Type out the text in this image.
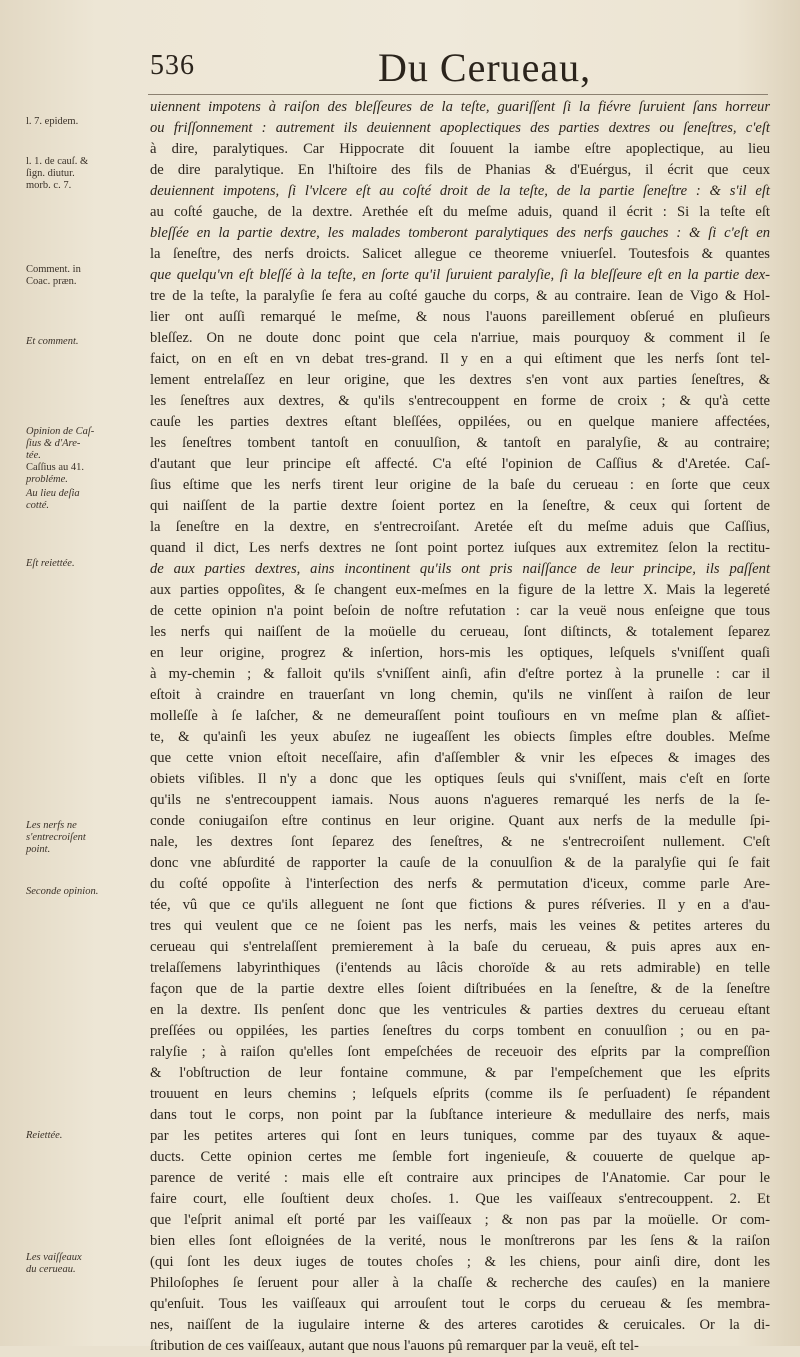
536	Du Cerueau,
l. 7. epidem.
l. 1. de cauſ. &
ſign. diutur.
morb. c. 7.
Comment. in
Coac. præn.
Et comment.
Opinion de Caſ-
ſius & d'Are-
tée.
Caſſius au 41.
probléme.
Au lieu deſia
cotté.
Eſt reiettée.
Les nerfs ne
s'entrecroiſent
point.
Seconde opinion.
Reiettée.
Les vaiſſeaux
du cerueau.
uiennent impotens à raiſon des bleſſeures de la teſte, guariſſent ſi la fiévre ſuruient ſans horreur
ou friſſonnement : autrement ils deuiennent apoplectiques des parties dextres ou ſeneſtres, c'eſt
à dire, paralytiques. Car Hippocrate dit ſouuent la iambe eſtre apoplectique, au lieu
de dire paralytique. En l'hiſtoire des fils de Phanias & d'Euérgus, il écrit que ceux
deuiennent impotens, ſi l'vlcere eſt au coſté droit de la teſte, de la partie ſeneſtre : & s'il eſt
au coſté gauche, de la dextre. Arethée eſt du meſme aduis, quand il écrit : Si la teſte eſt
bleſſée en la partie dextre, les malades tomberont paralytiques des nerfs gauches : & ſi c'eſt en
la ſeneſtre, des nerfs droicts. Salicet allegue ce theoreme vniuerſel. Toutesfois & quantes
que quelqu'vn eſt bleſſé à la teſte, en ſorte qu'il ſuruient paralyſie, ſi la bleſſeure eſt en la partie dex-
tre de la teſte, la paralyſie ſe fera au coſté gauche du corps, & au contraire. Iean de Vigo & Hol-
lier ont auſſi remarqué le meſme, & nous l'auons pareillement obſerué en pluſieurs
bleſſez. On ne doute donc point que cela n'arriue, mais pourquoy & comment il ſe
faict, on en eſt en vn debat tres-grand. Il y en a qui eſtiment que les nerfs ſont tel-
lement entrelaſſez en leur origine, que les dextres s'en vont aux parties ſeneſtres, &
les ſeneſtres aux dextres, & qu'ils s'entrecouppent en forme de croix ; & qu'à cette
cauſe les parties dextres eſtant bleſſées, oppilées, ou en quelque maniere affectées,
les ſeneſtres tombent tantoſt en conuulſion, & tantoſt en paralyſie, & au contraire;
d'autant que leur principe eſt affecté. C'a eſté l'opinion de Caſſius & d'Aretée. Caſ-
ſius eſtime que les nerfs tirent leur origine de la baſe du cerueau : en ſorte que ceux
qui naiſſent de la partie dextre ſoient portez en la ſeneſtre, & ceux qui ſortent de
la ſeneſtre en la dextre, en s'entrecroiſant. Aretée eſt du meſme aduis que Caſſius,
quand il dict, Les nerfs dextres ne ſont point portez iuſques aux extremitez ſelon la rectitu-
de aux parties dextres, ains incontinent qu'ils ont pris naiſſance de leur principe, ils paſſent
aux parties oppoſites, & ſe changent eux-meſmes en la figure de la lettre X. Mais la legereté
de cette opinion n'a point beſoin de noſtre refutation : car la veuë nous enſeigne que tous
les nerfs qui naiſſent de la moüelle du cerueau, ſont diſtincts, & totalement ſeparez
en leur origine, progrez & inſertion, hors-mis les optiques, leſquels s'vniſſent quaſi
à my-chemin ; & falloit qu'ils s'vniſſent ainſi, afin d'eſtre portez à la prunelle : car il
eſtoit à craindre en trauerſant vn long chemin, qu'ils ne vinſſent à raiſon de leur
molleſſe à ſe laſcher, & ne demeuraſſent point touſiours en vn meſme plan & aſſiet-
te, & qu'ainſi les yeux abuſez ne iugeaſſent les obiects ſimples eſtre doubles. Meſme
que cette vnion eſtoit neceſſaire, afin d'aſſembler & vnir les eſpeces & images des
obiets viſibles. Il n'y a donc que les optiques ſeuls qui s'vniſſent, mais c'eſt en ſorte
qu'ils ne s'entrecouppent iamais. Nous auons n'agueres remarqué les nerfs de la ſe-
conde coniugaiſon eſtre continus en leur origine. Quant aux nerfs de la medulle ſpi-
nale, les dextres ſont ſeparez des ſeneſtres, & ne s'entrecroiſent nullement. C'eſt
donc vne abſurdité de rapporter la cauſe de la conuulſion & de la paralyſie qui ſe fait
du coſté oppoſite à l'interſection des nerfs & permutation d'iceux, comme parle Are-
tée, vû que ce qu'ils alleguent ne ſont que fictions & pures réſveries. Il y en a d'au-
tres qui veulent que ce ne ſoient pas les nerfs, mais les veines & petites arteres du
cerueau qui s'entrelaſſent premierement à la baſe du cerueau, & puis apres aux en-
trelaſſemens labyrinthiques (i'entends au lâcis choroïde & au rets admirable) en telle
façon que de la partie dextre elles ſoient diſtribuées en la ſeneſtre, & de la ſeneſtre
en la dextre. Ils penſent donc que les ventricules & parties dextres du cerueau eſtant
preſſées ou oppilées, les parties ſeneſtres du corps tombent en conuulſion ; ou en pa-
ralyſie ; à raiſon qu'elles ſont empeſchées de receuoir des eſprits par la compreſſion
& l'obſtruction de leur fontaine commune, & par l'empeſchement que les eſprits
trouuent en leurs chemins ; leſquels eſprits (comme ils ſe perſuadent) ſe répandent
dans tout le corps, non point par la ſubſtance interieure & medullaire des nerfs, mais
par les petites arteres qui ſont en leurs tuniques, comme par des tuyaux & aque-
ducts. Cette opinion certes me ſemble fort ingenieuſe, & couuerte de quelque ap-
parence de verité : mais elle eſt contraire aux principes de l'Anatomie. Car pour le
faire court, elle ſouſtient deux choſes. 1. Que les vaiſſeaux s'entrecouppent. 2. Et
que l'eſprit animal eſt porté par les vaiſſeaux ; & non pas par la moüelle. Or com-
bien elles ſont eſloignées de la verité, nous le monſtrerons par les ſens & la raiſon
(qui ſont les deux iuges de toutes choſes ; & les chiens, pour ainſi dire, dont les
Philoſophes ſe ſeruent pour aller à la chaſſe & recherche des cauſes) en la maniere
qu'enſuit. Tous les vaiſſeaux qui arrouſent tout le corps du cerueau & ſes membra-
nes, naiſſent de la iugulaire interne & des arteres carotides & ceruicales. Or la di-
ſtribution de ces vaiſſeaux, autant que nous l'auons pû remarquer par la veuë, eſt tel-
